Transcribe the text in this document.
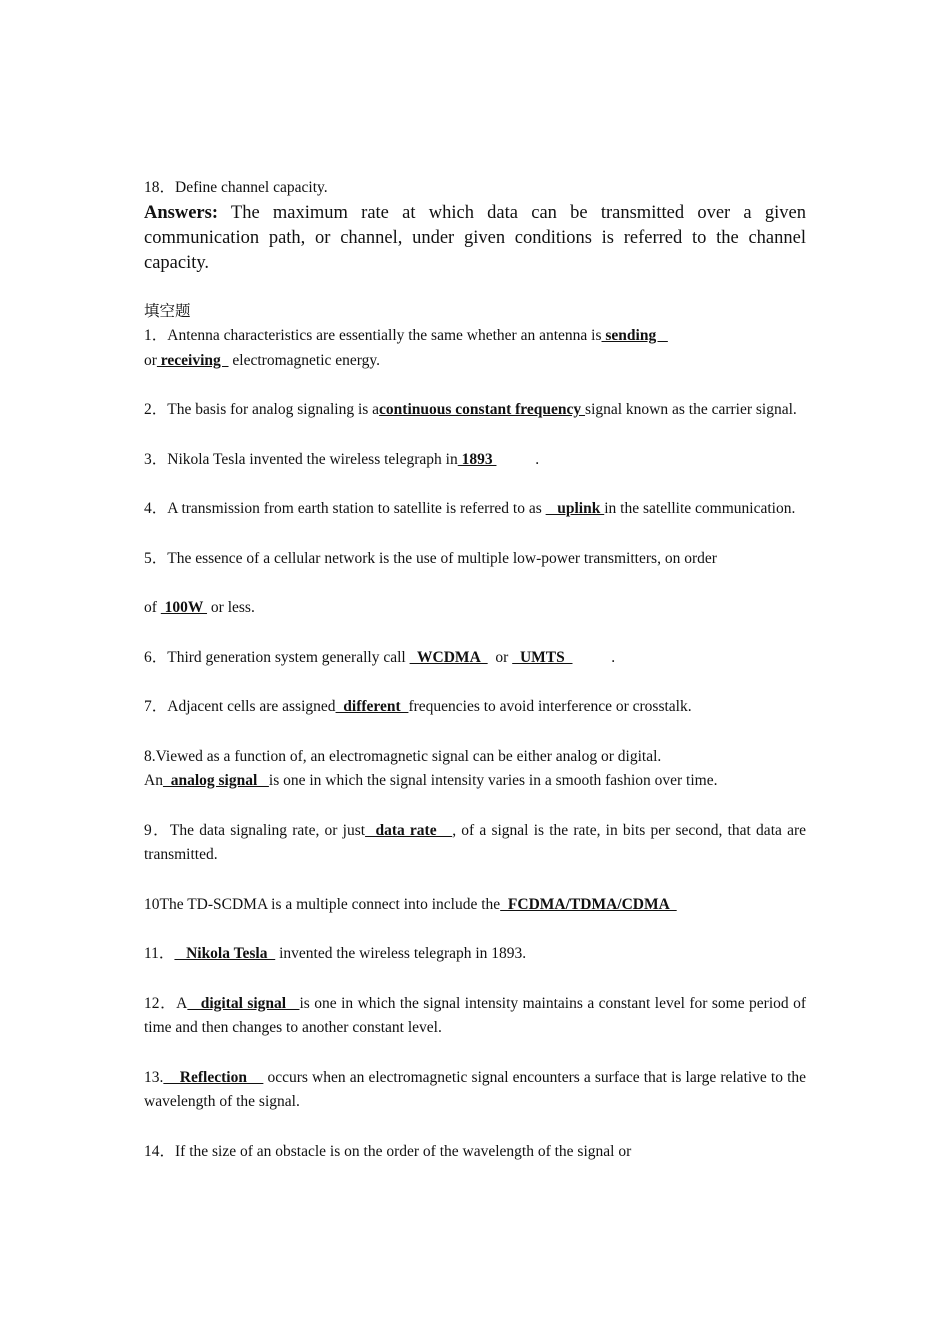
18．Define channel capacity.

Answers: The maximum rate at which data can be transmitted over a given communication path, or channel, under given conditions is referred to the channel capacity.

填空题

1．Antenna characteristics are essentially the same whether an antenna is sending

or receiving   electromagnetic energy.

2．The basis for analog signaling is acontinuous constant frequency signal known as the carrier signal.

3．Nikola Tesla invented the wireless telegraph in 1893           .

4．A transmission from earth station to satellite is referred to as    uplink in the satellite communication.

5．The essence of a cellular network is the use of multiple low-power transmitters, on order

of  100W  or less.

6．Third generation system generally call   WCDMA    or   UMTS            .

7．Adjacent cells are assigned  different  frequencies to avoid interference or crosstalk.

8.Viewed as a function of, an electromagnetic signal can be either analog or digital.

An  analog signal   is one in which the signal intensity varies in a smooth fashion over time.

9．The data signaling rate, or just  data rate   , of a signal is the rate, in bits per second, that data are transmitted.

10The TD-SCDMA is a multiple connect into include the  FCDMA/TDMA/CDMA

11．   Nikola Tesla   invented the wireless telegraph in 1893.

12．A   digital signal   is one in which the signal intensity maintains a constant level for some period of time and then changes to another constant level.

13.    Reflection     occurs when an electromagnetic signal encounters a surface that is large relative to the wavelength of the signal.

14．If the size of an obstacle is on the order of the wavelength of the signal or
